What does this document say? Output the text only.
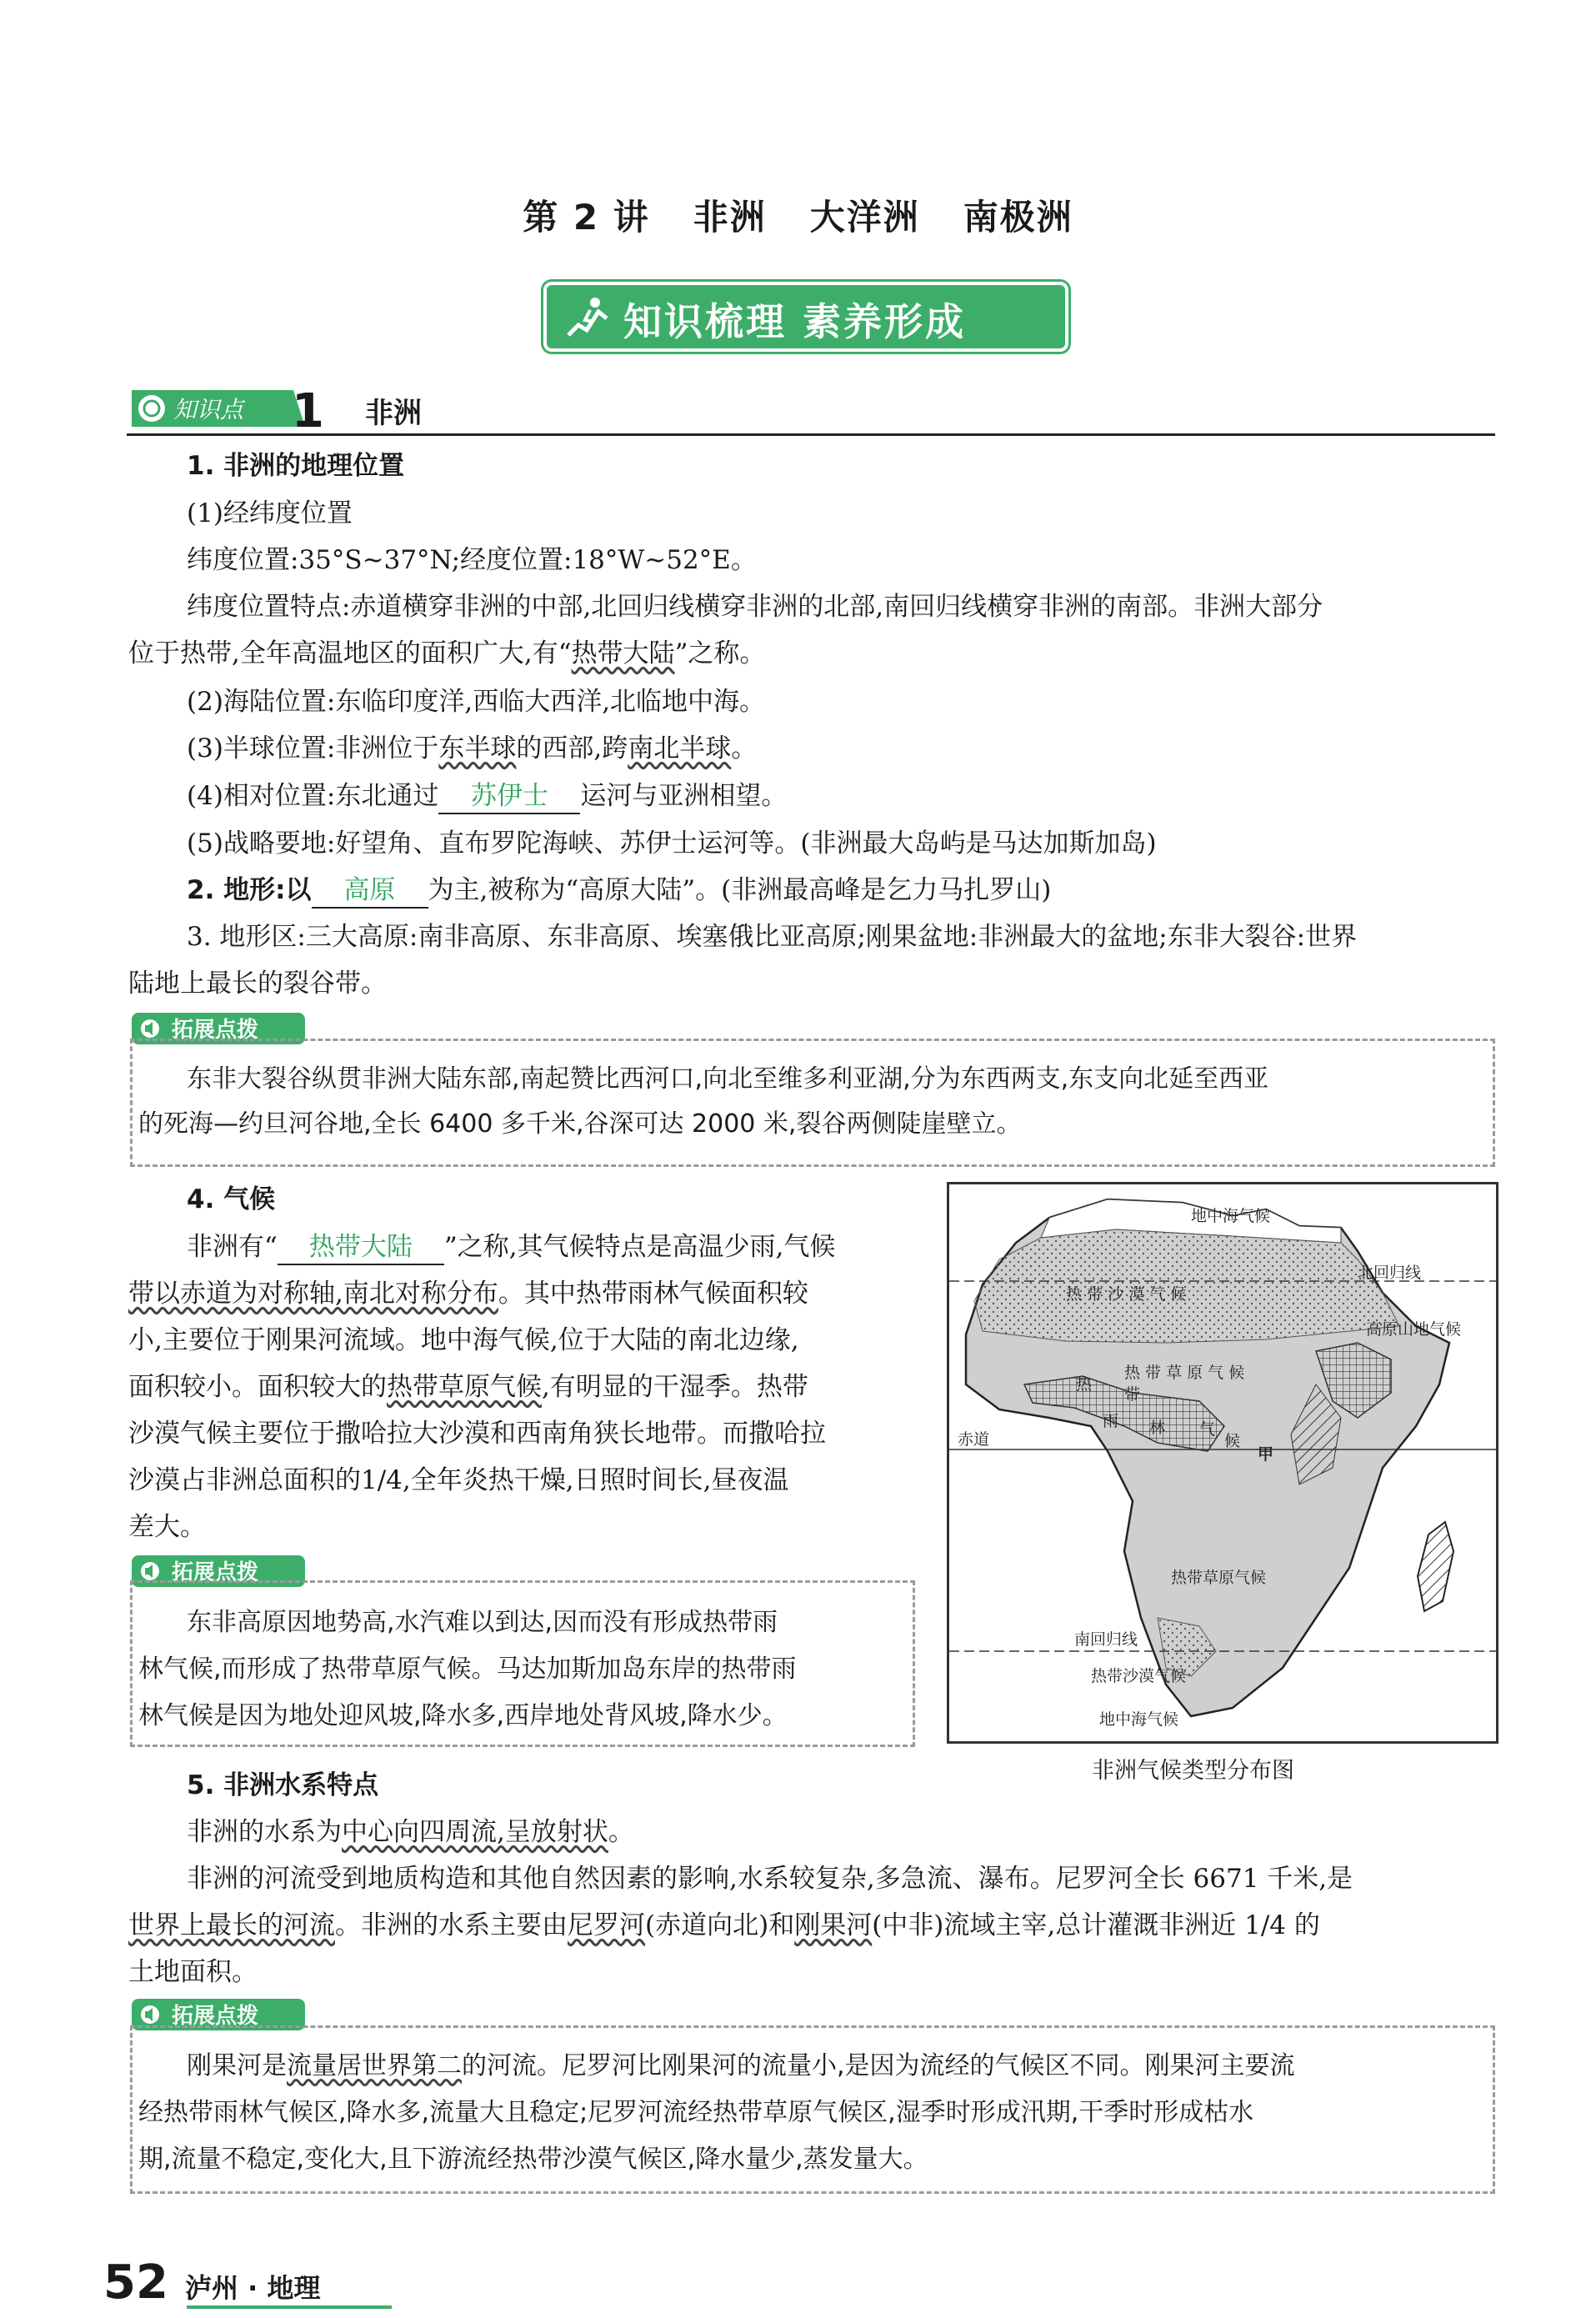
第 2 讲 非洲 大洋洲 南极洲
知识梳理 素养形成
知识点 1 非洲
1. 非洲的地理位置
(1)经纬度位置
纬度位置:35°S~37°N;经度位置:18°W~52°E。
纬度位置特点:赤道横穿非洲的中部,北回归线横穿非洲的北部,南回归线横穿非洲的南部。非洲大部分
位于热带,全年高温地区的面积广大,有“热带大陆”之称。
(2)海陆位置:东临印度洋,西临大西洋,北临地中海。
(3)半球位置:非洲位于东半球的西部,跨南北半球。
(4)相对位置:东北通过 苏伊士 运河与亚洲相望。
(5)战略要地:好望角、直布罗陀海峡、苏伊士运河等。(非洲最大岛屿是马达加斯加岛)
2. 地形:以 高原 为主,被称为“高原大陆”。(非洲最高峰是乞力马扎罗山)
3. 地形区:三大高原:南非高原、东非高原、埃塞俄比亚高原;刚果盆地:非洲最大的盆地;东非大裂谷:世界
陆地上最长的裂谷带。
拓展点拨
东非大裂谷纵贯非洲大陆东部,南起赞比西河口,向北至维多利亚湖,分为东西两支,东支向北延至西亚
的死海—约旦河谷地,全长 6400 多千米,谷深可达 2000 米,裂谷两侧陡崖壁立。
4. 气候
非洲有“ 热带大陆 ”之称,其气候特点是高温少雨,气候
带以赤道为对称轴,南北对称分布。其中热带雨林气候面积较
小,主要位于刚果河流域。地中海气候,位于大陆的南北边缘,
面积较小。面积较大的热带草原气候,有明显的干湿季。热带
沙漠气候主要位于撒哈拉大沙漠和西南角狭长地带。而撒哈拉
沙漠占非洲总面积的1/4,全年炎热干燥,日照时间长,昼夜温
差大。
拓展点拨
东非高原因地势高,水汽难以到达,因而没有形成热带雨
林气候,而形成了热带草原气候。马达加斯加岛东岸的热带雨
林气候是因为地处迎风坡,降水多,西岸地处背风坡,降水少。
地中海气候
北回归线
热 带 沙 漠 气 候
高原山地气候
热 带 草 原 气 候
热
带
雨 林 气
候
赤道
甲
热带草原气候
南回归线
热带沙漠气候
地中海气候
非洲气候类型分布图
5. 非洲水系特点
非洲的水系为中心向四周流,呈放射状。
非洲的河流受到地质构造和其他自然因素的影响,水系较复杂,多急流、瀑布。尼罗河全长 6671 千米,是
世界上最长的河流。非洲的水系主要由尼罗河(赤道向北)和刚果河(中非)流域主宰,总计灌溉非洲近 1/4 的
土地面积。
拓展点拨
刚果河是流量居世界第二的河流。尼罗河比刚果河的流量小,是因为流经的气候区不同。刚果河主要流
经热带雨林气候区,降水多,流量大且稳定;尼罗河流经热带草原气候区,湿季时形成汛期,干季时形成枯水
期,流量不稳定,变化大,且下游流经热带沙漠气候区,降水量少,蒸发量大。
52 泸州 · 地理
